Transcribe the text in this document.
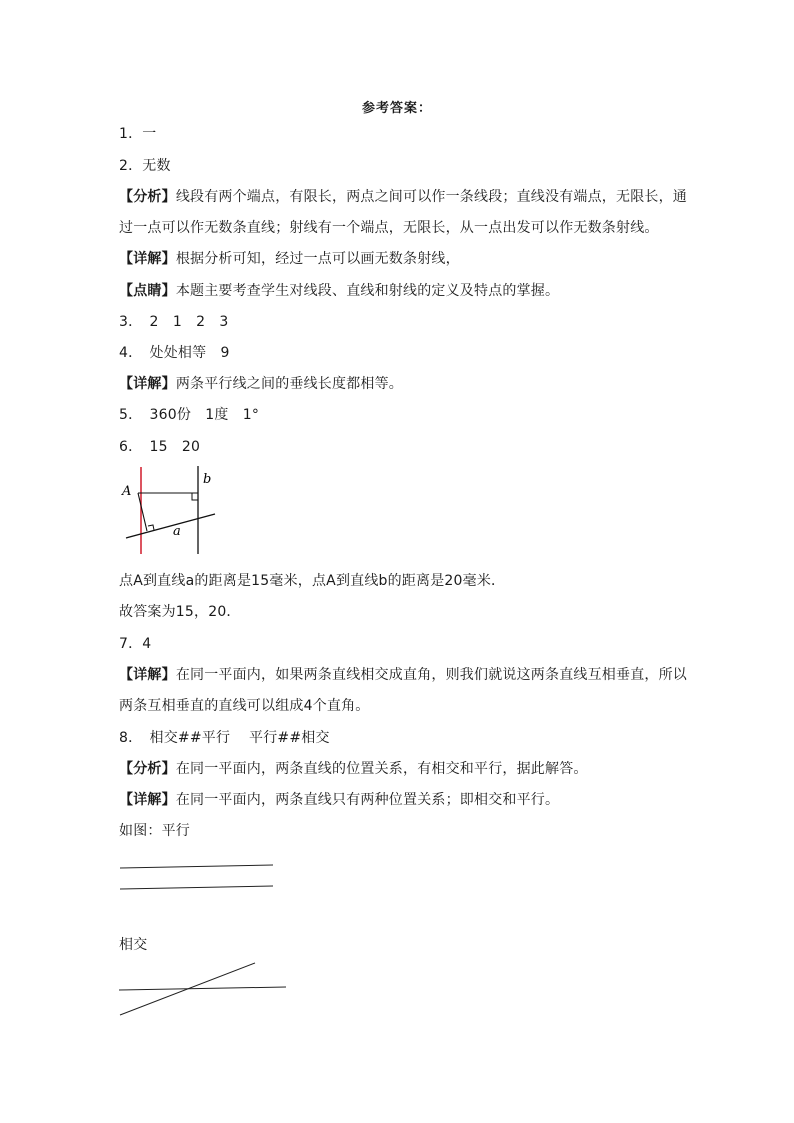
参考答案：
1．一
2．无数
【分析】线段有两个端点，有限长，两点之间可以作一条线段；直线没有端点，无限长，通
过一点可以作无数条直线；射线有一个端点，无限长，从一点出发可以作无数条射线。
【详解】根据分析可知，经过一点可以画无数条射线，
【点睛】本题主要考查学生对线段、直线和射线的定义及特点的掌握。
3．　2　1　2　3
4．　处处相等　9
【详解】两条平行线之间的垂线长度都相等。
5．　360份　1度　1°
6．　15　20
A
b
a
点A到直线a的距离是15毫米，点A到直线b的距离是20毫米．
故答案为15，20．
7．4
【详解】在同一平面内，如果两条直线相交成直角，则我们就说这两条直线互相垂直，所以
两条互相垂直的直线可以组成4个直角。
8．　相交##平行　 平行##相交
【分析】在同一平面内，两条直线的位置关系，有相交和平行，据此解答。
【详解】在同一平面内，两条直线只有两种位置关系；即相交和平行。
如图：平行
相交
